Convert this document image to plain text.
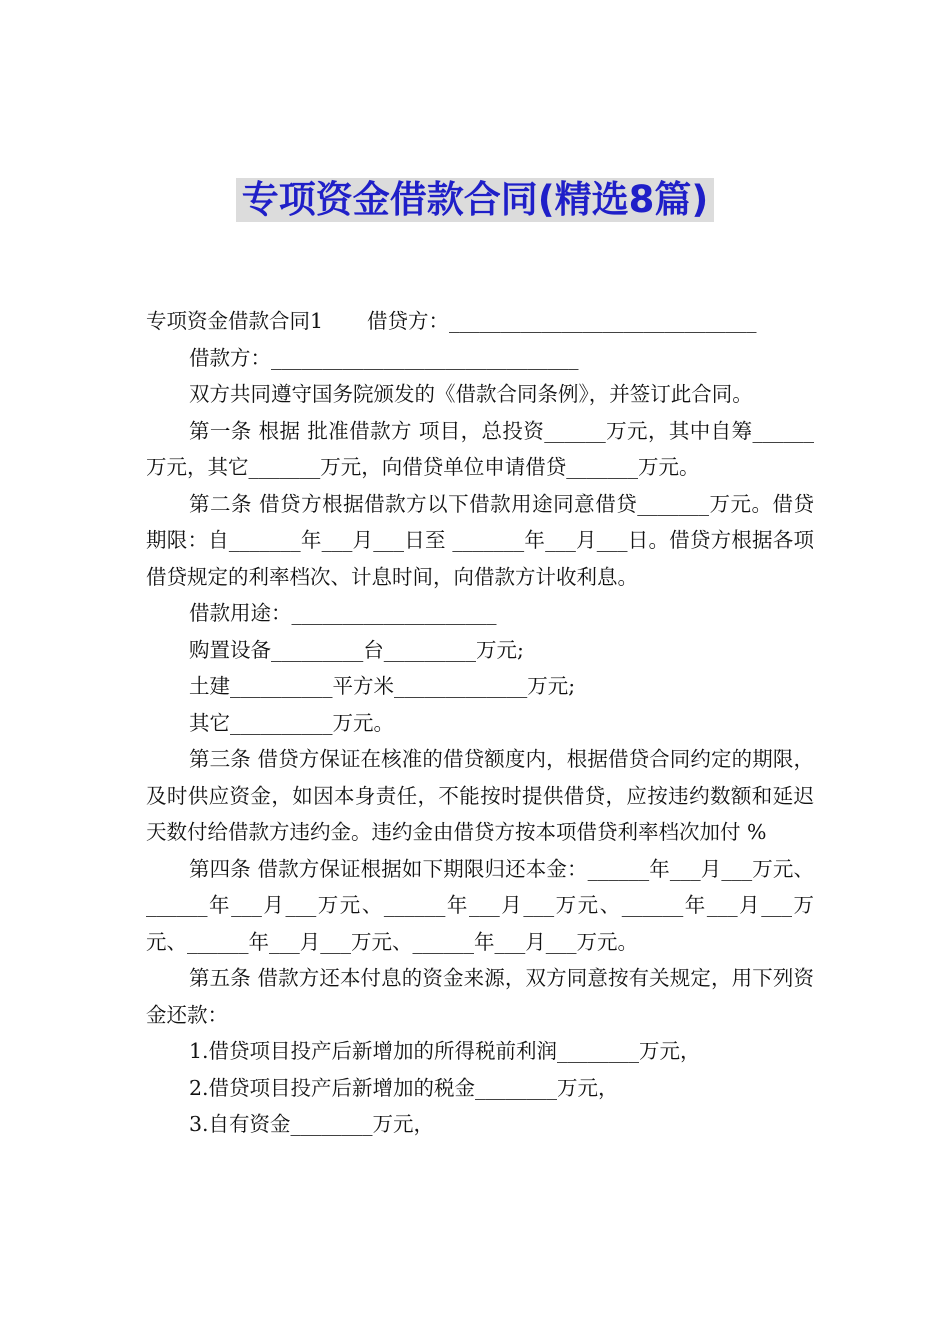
专项资金借款合同(精选8篇)

专项资金借款合同1 借贷方：______________________________

借款方：______________________________

双方共同遵守国务院颁发的《借款合同条例》，并签订此合同。

第一条 根据 批准借款方 项目，总投资______万元，其中自筹______万元，其它_______万元，向借贷单位申请借贷_______万元。

第二条 借贷方根据借款方以下借款用途同意借贷_______万元。借贷期限：自_______年___月___日至 _______年___月___日。借贷方根据各项借贷规定的利率档次、计息时间，向借款方计收利息。

借款用途：____________________

购置设备_________台_________万元;

土建__________平方米_____________万元;

其它__________万元。

第三条 借贷方保证在核准的借贷额度内，根据借贷合同约定的期限，及时供应资金，如因本身责任，不能按时提供借贷，应按违约数额和延迟天数付给借款方违约金。违约金由借贷方按本项借贷利率档次加付 %

第四条 借款方保证根据如下期限归还本金：______年___月___万元、______年___月___万元、______年___月___万元、______年___月___万元、______年___月___万元、______年___月___万元。

第五条 借款方还本付息的资金来源，双方同意按有关规定，用下列资金还款：

1.借贷项目投产后新增加的所得税前利润________万元，

2.借贷项目投产后新增加的税金________万元，

3.自有资金________万元，
